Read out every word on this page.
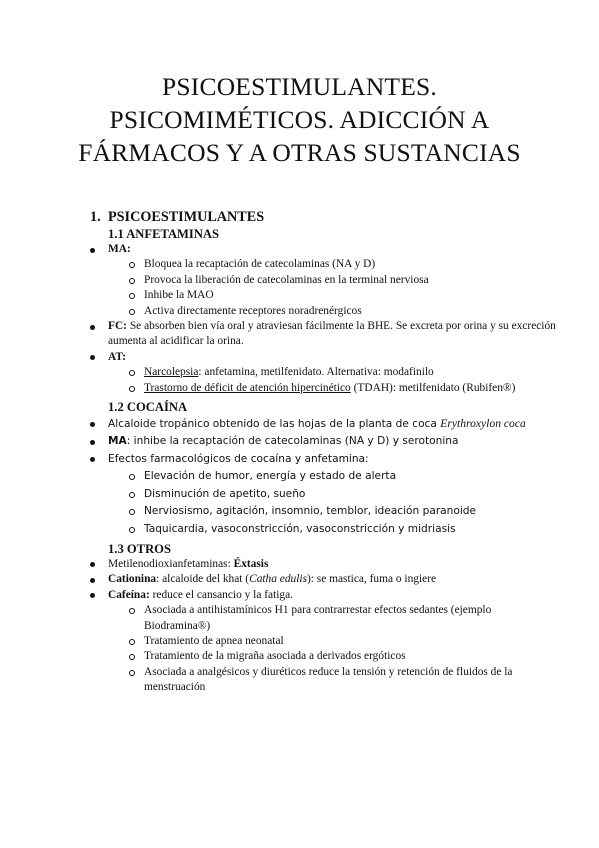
PSICOESTIMULANTES.
PSICOMIMÉTICOS. ADICCIÓN A
FÁRMACOS Y A OTRAS SUSTANCIAS
1. PSICOESTIMULANTES
1.1 ANFETAMINAS
MA:
Bloquea la recaptación de catecolaminas (NA y D)
Provoca la liberación de catecolaminas en la terminal nerviosa
Inhibe la MAO
Activa directamente receptores noradrenérgicos
FC: Se absorben bien vía oral y atraviesan fácilmente la BHE. Se excreta por orina y su excreción aumenta al acidificar la orina.
AT:
Narcolepsia: anfetamina, metilfenidato. Alternativa: modafinilo
Trastorno de déficit de atención hipercinético (TDAH): metilfenidato (Rubifen®)
1.2 COCAÍNA
Alcaloide tropánico obtenido de las hojas de la planta de coca Erythroxylon coca
MA: inhibe la recaptación de catecolaminas (NA y D) y serotonina
Efectos farmacológicos de cocaína y anfetamina:
Elevación de humor, energía y estado de alerta
Disminución de apetito, sueño
Nerviosismo, agitación, insomnio, temblor, ideación paranoide
Taquicardia, vasoconstricción, vasoconstricción y midriasis
1.3 OTROS
Metilenodioxianfetaminas: Éxtasis
Cationina: alcaloide del khat (Catha edulis): se mastica, fuma o ingiere
Cafeína: reduce el cansancio y la fatiga.
Asociada a antihistamínicos H1 para contrarrestar efectos sedantes (ejemplo Biodramina®)
Tratamiento de apnea neonatal
Tratamiento de la migraña asociada a derivados ergóticos
Asociada a analgésicos y diuréticos reduce la tensión y retención de fluidos de la menstruación
